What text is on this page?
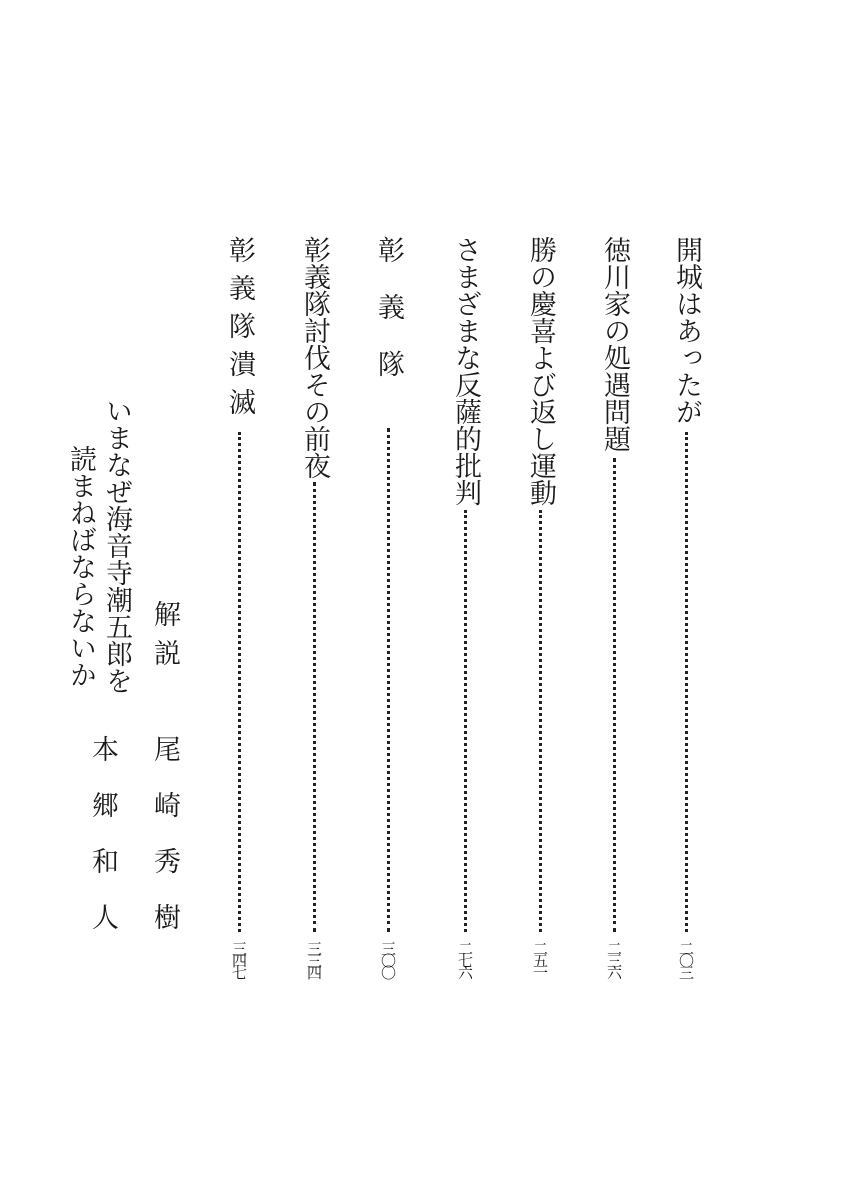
開城はあったが
二〇三
徳川家の処遇問題
二三六
勝の慶喜よび返し運動
二五一
さまざまな反薩的批判
二七六
彰義隊
三〇〇
彰義隊討伐その前夜
三三四
彰義隊潰滅
三四七
解説
尾崎秀樹
いまなぜ海音寺潮五郎を
読まねばならないか
本郷和人
